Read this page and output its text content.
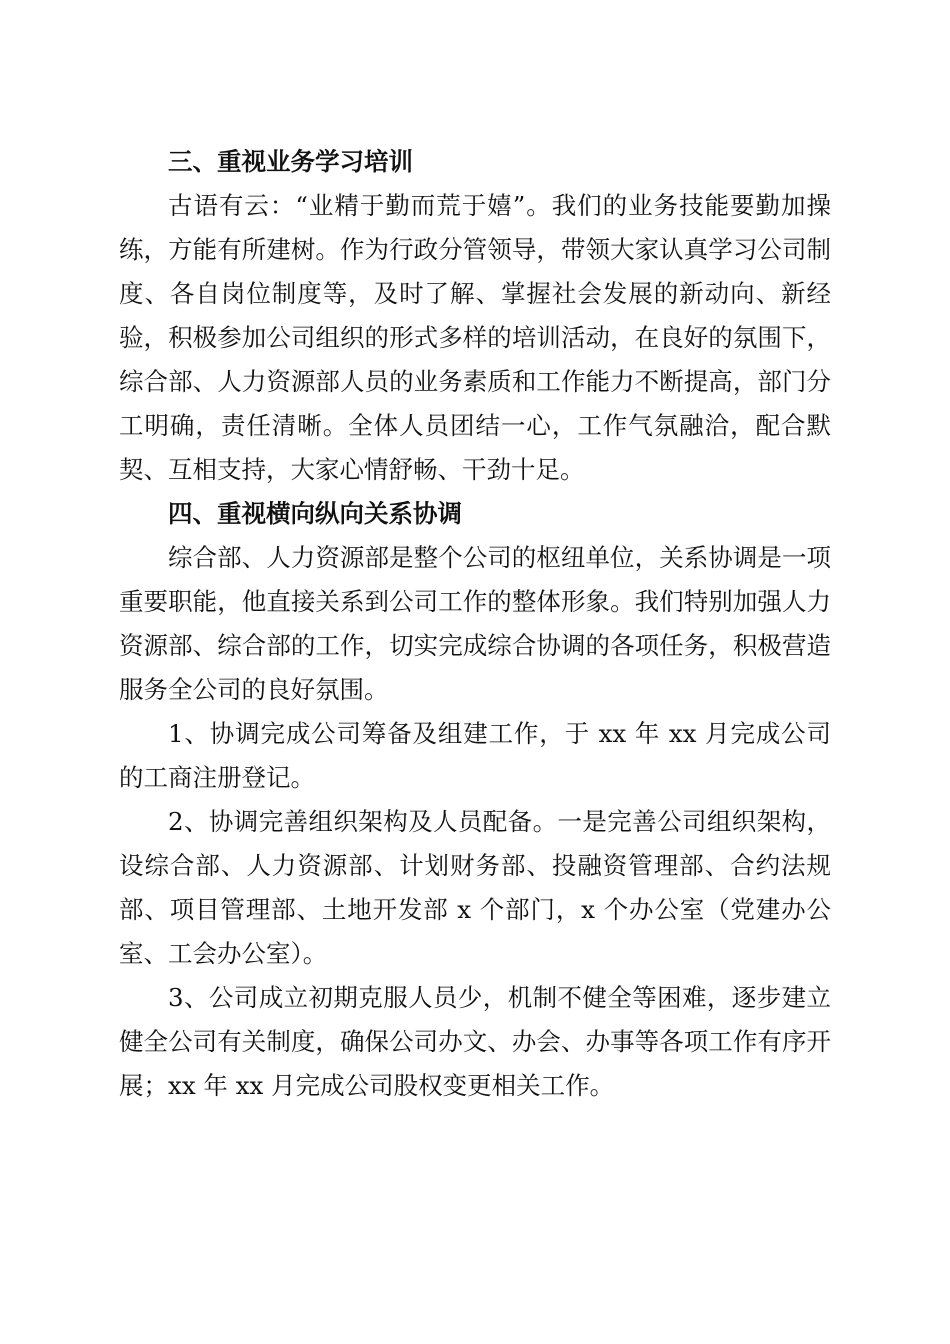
三、重视业务学习培训

古语有云：“业精于勤而荒于嬉”。我们的业务技能要勤加操练，方能有所建树。作为行政分管领导，带领大家认真学习公司制度、各自岗位制度等，及时了解、掌握社会发展的新动向、新经验，积极参加公司组织的形式多样的培训活动，在良好的氛围下，综合部、人力资源部人员的业务素质和工作能力不断提高，部门分工明确，责任清晰。全体人员团结一心，工作气氛融洽，配合默契、互相支持，大家心情舒畅、干劲十足。

四、重视横向纵向关系协调

综合部、人力资源部是整个公司的枢纽单位，关系协调是一项重要职能，他直接关系到公司工作的整体形象。我们特别加强人力资源部、综合部的工作，切实完成综合协调的各项任务，积极营造服务全公司的良好氛围。

1、协调完成公司筹备及组建工作，于 xx 年 xx 月完成公司的工商注册登记。

2、协调完善组织架构及人员配备。一是完善公司组织架构，设综合部、人力资源部、计划财务部、投融资管理部、合约法规部、项目管理部、土地开发部 x 个部门，x 个办公室（党建办公室、工会办公室）。

3、公司成立初期克服人员少，机制不健全等困难，逐步建立健全公司有关制度，确保公司办文、办会、办事等各项工作有序开展；xx 年 xx 月完成公司股权变更相关工作。
